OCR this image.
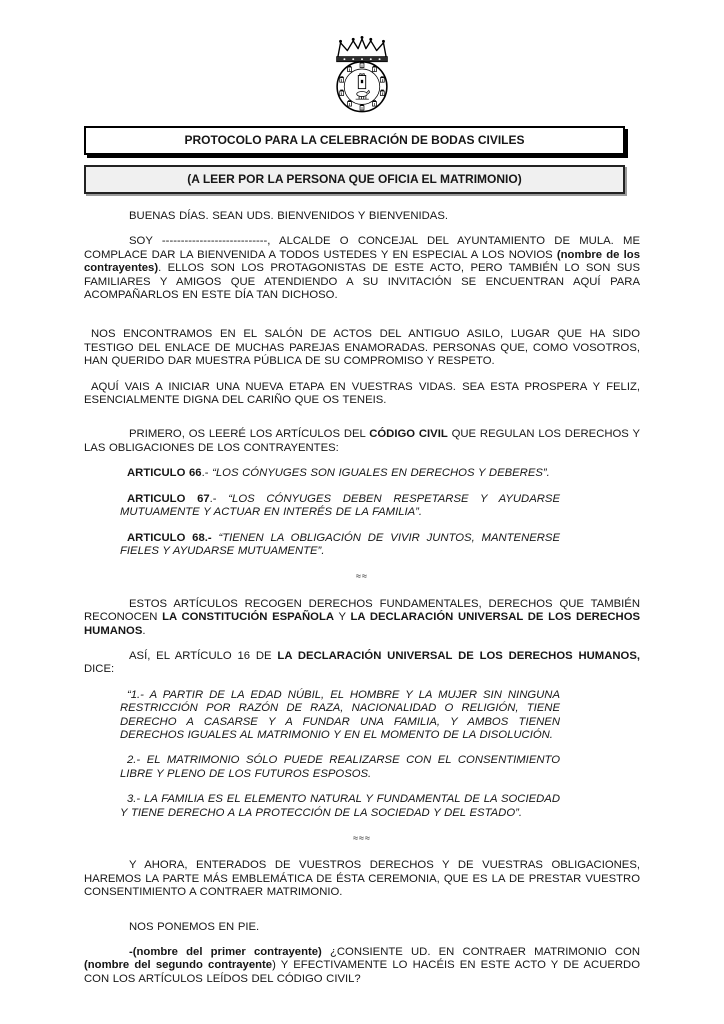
PROTOCOLO PARA LA CELEBRACIÓN DE BODAS CIVILES
(A LEER POR LA PERSONA QUE OFICIA EL MATRIMONIO)

BUENAS DÍAS. SEAN UDS. BIENVENIDOS Y BIENVENIDAS.

SOY ----------------------------, ALCALDE O CONCEJAL DEL AYUNTAMIENTO DE MULA. ME COMPLACE DAR LA BIENVENIDA A TODOS USTEDES Y EN ESPECIAL A LOS NOVIOS (nombre de los contrayentes). ELLOS SON LOS PROTAGONISTAS DE ESTE ACTO, PERO TAMBIÉN LO SON SUS FAMILIARES Y AMIGOS QUE ATENDIENDO A SU INVITACIÓN SE ENCUENTRAN AQUÍ PARA ACOMPAÑARLOS EN ESTE DÍA TAN DICHOSO.

NOS ENCONTRAMOS EN EL SALÓN DE ACTOS DEL ANTIGUO ASILO, LUGAR QUE HA SIDO TESTIGO DEL ENLACE DE MUCHAS PAREJAS ENAMORADAS. PERSONAS QUE, COMO VOSOTROS, HAN QUERIDO DAR MUESTRA PÚBLICA DE SU COMPROMISO Y RESPETO.

AQUÍ VAIS A INICIAR UNA NUEVA ETAPA EN VUESTRAS VIDAS. SEA ESTA PROSPERA Y FELIZ, ESENCIALMENTE DIGNA DEL CARIÑO QUE OS TENEIS.

PRIMERO, OS LEERÉ LOS ARTÍCULOS DEL CÓDIGO CIVIL QUE REGULAN LOS DERECHOS Y LAS OBLIGACIONES DE LOS CONTRAYENTES:

ARTICULO 66.- “LOS CÓNYUGES SON IGUALES EN DERECHOS Y DEBERES”.

ARTICULO 67.- “LOS CÓNYUGES DEBEN RESPETARSE Y AYUDARSE MUTUAMENTE Y ACTUAR EN INTERÉS DE LA FAMILIA”.

ARTICULO 68.- “TIENEN LA OBLIGACIÓN DE VIVIR JUNTOS, MANTENERSE FIELES Y AYUDARSE MUTUAMENTE”.

≈≈

ESTOS ARTÍCULOS RECOGEN DERECHOS FUNDAMENTALES, DERECHOS QUE TAMBIÉN RECONOCEN LA CONSTITUCIÓN ESPAÑOLA Y LA DECLARACIÓN UNIVERSAL DE LOS DERECHOS HUMANOS.

ASÍ, EL ARTÍCULO 16 DE LA DECLARACIÓN UNIVERSAL DE LOS DERECHOS HUMANOS, DICE:

“1.- A PARTIR DE LA EDAD NÚBIL, EL HOMBRE Y LA MUJER SIN NINGUNA RESTRICCIÓN POR RAZÓN DE RAZA, NACIONALIDAD O RELIGIÓN, TIENE DERECHO A CASARSE Y A FUNDAR UNA FAMILIA, Y AMBOS TIENEN DERECHOS IGUALES AL MATRIMONIO Y EN EL MOMENTO DE LA DISOLUCIÓN.

2.- EL MATRIMONIO SÓLO PUEDE REALIZARSE CON EL CONSENTIMIENTO LIBRE Y PLENO DE LOS FUTUROS ESPOSOS.

3.- LA FAMILIA ES EL ELEMENTO NATURAL Y FUNDAMENTAL DE LA SOCIEDAD Y TIENE DERECHO A LA PROTECCIÓN DE LA SOCIEDAD Y DEL ESTADO”.

≈≈≈

Y AHORA, ENTERADOS DE VUESTROS DERECHOS Y DE VUESTRAS OBLIGACIONES, HAREMOS LA PARTE MÁS EMBLEMÁTICA DE ÉSTA CEREMONIA, QUE ES LA DE PRESTAR VUESTRO CONSENTIMIENTO A CONTRAER MATRIMONIO.

NOS PONEMOS EN PIE.

-(nombre del primer contrayente) ¿CONSIENTE UD. EN CONTRAER MATRIMONIO CON (nombre del segundo contrayente) Y EFECTIVAMENTE LO HACÉIS EN ESTE ACTO Y DE ACUERDO CON LOS ARTÍCULOS LEÍDOS DEL CÓDIGO CIVIL?
